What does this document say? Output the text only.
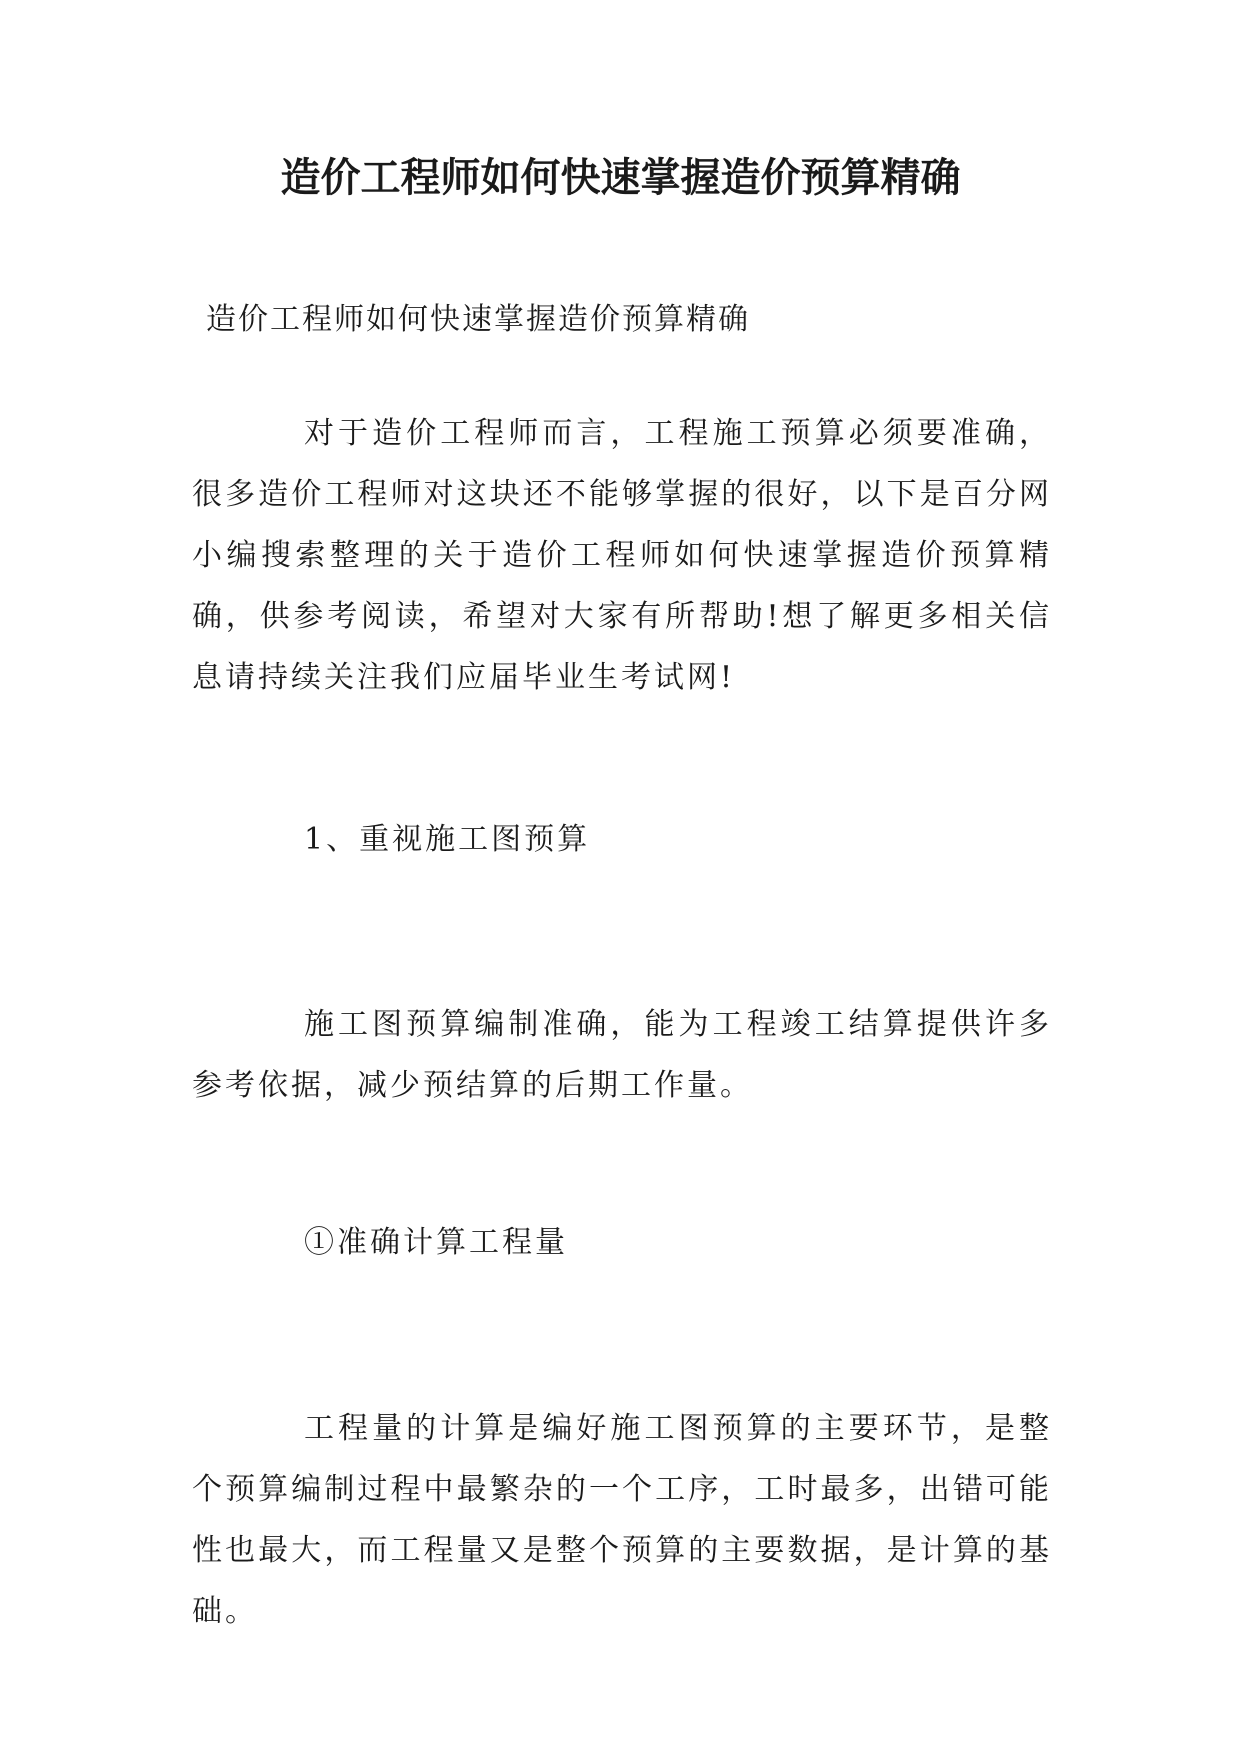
造价工程师如何快速掌握造价预算精确

造价工程师如何快速掌握造价预算精确

对于造价工程师而言，工程施工预算必须要准确，很多造价工程师对这块还不能够掌握的很好，以下是百分网小编搜索整理的关于造价工程师如何快速掌握造价预算精确，供参考阅读，希望对大家有所帮助!想了解更多相关信息请持续关注我们应届毕业生考试网!

1、重视施工图预算

施工图预算编制准确，能为工程竣工结算提供许多参考依据，减少预结算的后期工作量。

①准确计算工程量

工程量的计算是编好施工图预算的主要环节，是整个预算编制过程中最繁杂的一个工序，工时最多，出错可能性也最大，而工程量又是整个预算的主要数据，是计算的基础。
